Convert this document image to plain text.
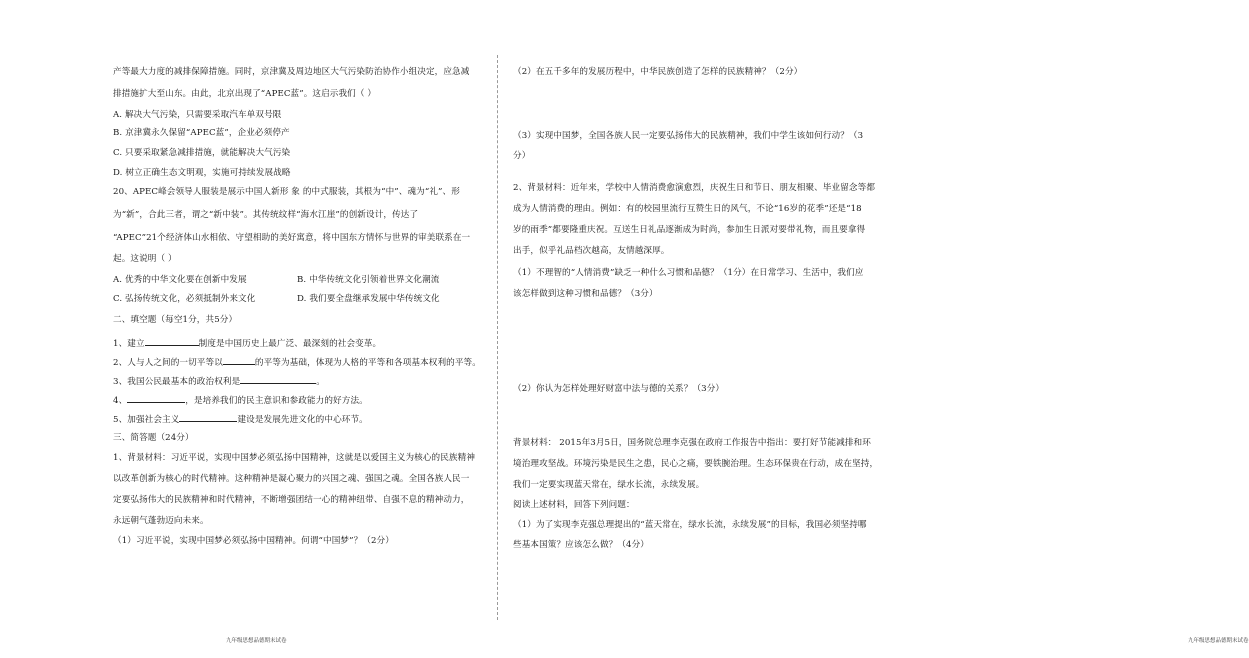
产等最大力度的减排保障措施。同时，京津冀及周边地区大气污染防治协作小组决定，应急减
排措施扩大至山东。由此，北京出现了“APEC蓝”。这启示我们（ ）
A. 解决大气污染，只需要采取汽车单双号限
B. 京津冀永久保留“APEC蓝”，企业必须停产
C. 只要采取紧急减排措施，就能解决大气污染
D. 树立正确生态文明观，实施可持续发展战略
20、APEC峰会领导人服装是展示中国人新形 象 的中式服装，其根为“中”、魂为“礼”、形
为“新”，合此三者，谓之“新中装”。其传统纹样“海水江崖”的创新设计，传达了
“APEC”21个经济体山水相依、守望相助的美好寓意，将中国东方情怀与世界的审美联系在一
起。这说明（ ）
A. 优秀的中华文化要在创新中发展	B. 中华传统文化引领着世界文化潮流
C. 弘扬传统文化，必须抵制外来文化	D. 我们要全盘继承发展中华传统文化
二、填空题（每空1分，共5分）
1、建立	制度是中国历史上最广泛、最深刻的社会变革。
2、人与人之间的一切平等以	的平等为基础，体现为人格的平等和各项基本权利的平等。
3、我国公民最基本的政治权利是	。
4、	，是培养我们的民主意识和参政能力的好方法。
5、加强社会主义	建设是发展先进文化的中心环节。
三、简答题（24分）
1、背景材料：习近平说，实现中国梦必须弘扬中国精神，这就是以爱国主义为核心的民族精神
以改革创新为核心的时代精神。这种精神是凝心聚力的兴国之魂、强国之魂。全国各族人民一
定要弘扬伟大的民族精神和时代精神，不断增强团结一心的精神纽带、自强不息的精神动力，
永远朝气蓬勃迈向未来。
（1）习近平说，实现中国梦必须弘扬中国精神。何谓“中国梦”？（2分）
九年级思想品德期末试卷
（2）在五千多年的发展历程中，中华民族创造了怎样的民族精神？（2分）
（3）实现中国梦，全国各族人民一定要弘扬伟大的民族精神，我们中学生该如何行动？（3
分）
2、背景材料：近年来，学校中人情消费愈演愈烈，庆祝生日和节日、朋友相聚、毕业留念等都
成为人情消费的理由。例如：有的校园里流行互赞生日的风气，不论“16岁的花季”还是“18
岁的雨季”都要隆重庆祝。互送生日礼品逐渐成为时尚，参加生日派对要带礼物，而且要拿得
出手，似乎礼品档次越高，友情越深厚。
（1）不理智的“人情消费”缺乏一种什么习惯和品德？（1分）在日常学习、生活中，我们应
该怎样做到这种习惯和品德？（3分）
（2）你认为怎样处理好财富中法与德的关系？（3分）
背景材料： 2015年3月5日，国务院总理李克强在政府工作报告中指出：要打好节能减排和环
境治理攻坚战。环境污染是民生之患，民心之痛，要铁腕治理。生态环保贵在行动，成在坚持，
我们一定要实现蓝天常在，绿水长流，永续发展。
阅读上述材料，回答下列问题：
（1）为了实现李克强总理提出的“蓝天常在，绿水长流，永续发展”的目标，我国必须坚持哪
些基本国策？应该怎么做？（4分）
九年级思想品德期末试卷
